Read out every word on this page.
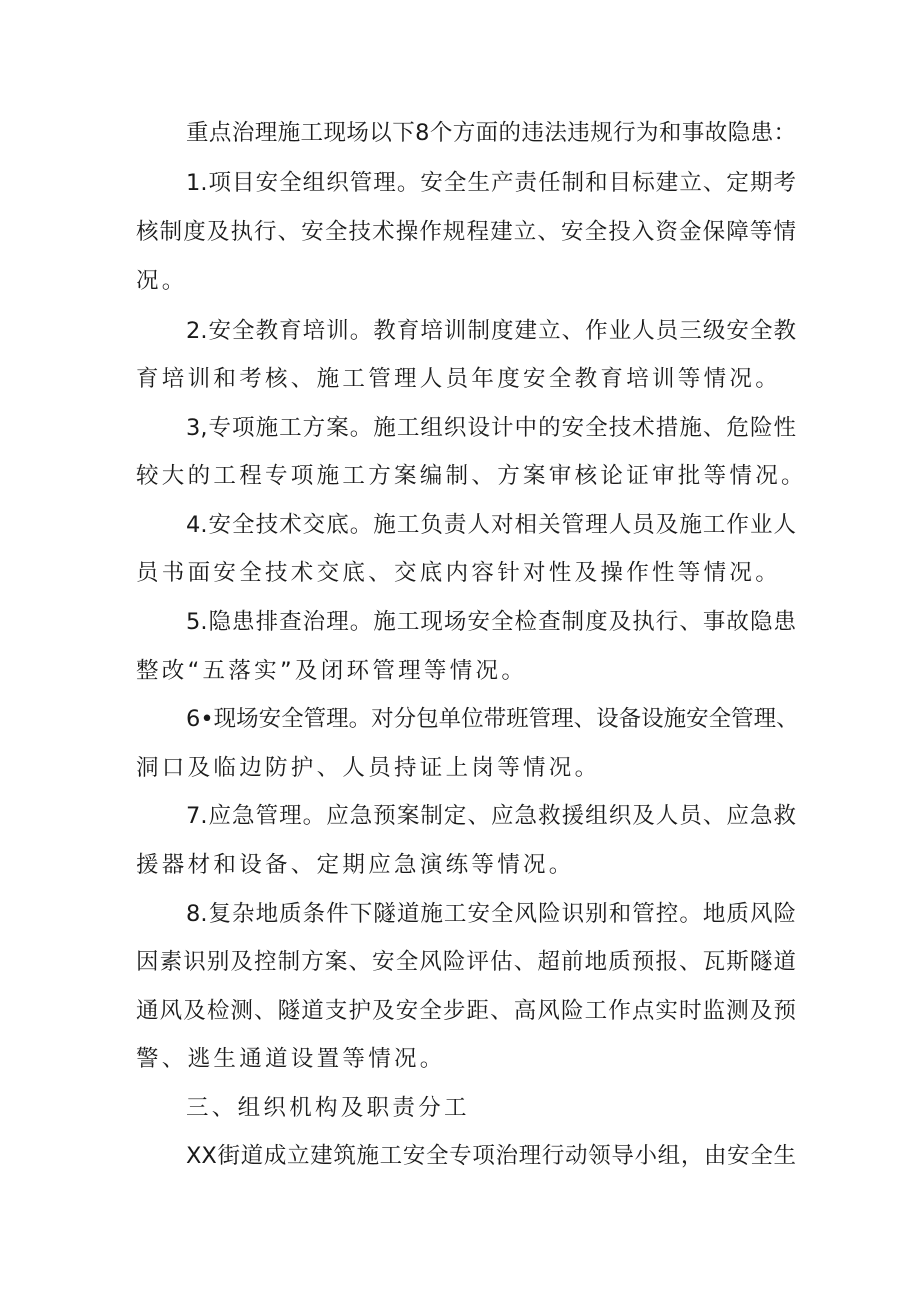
重点治理施工现场以下8个方面的违法违规行为和事故隐患：
1.项目安全组织管理。安全生产责任制和目标建立、定期考
核制度及执行、安全技术操作规程建立、安全投入资金保障等情
况。
2.安全教育培训。教育培训制度建立、作业人员三级安全教
育培训和考核、施工管理人员年度安全教育培训等情况。
3,专项施工方案。施工组织设计中的安全技术措施、危险性
较大的工程专项施工方案编制、方案审核论证审批等情况。
4.安全技术交底。施工负责人对相关管理人员及施工作业人
员书面安全技术交底、交底内容针对性及操作性等情况。
5.隐患排查治理。施工现场安全检查制度及执行、事故隐患
整改“五落实”及闭环管理等情况。
6•现场安全管理。对分包单位带班管理、设备设施安全管理、
洞口及临边防护、人员持证上岗等情况。
7.应急管理。应急预案制定、应急救援组织及人员、应急救
援器材和设备、定期应急演练等情况。
8.复杂地质条件下隧道施工安全风险识别和管控。地质风险
因素识别及控制方案、安全风险评估、超前地质预报、瓦斯隧道
通风及检测、隧道支护及安全步距、高风险工作点实时监测及预
警、逃生通道设置等情况。
三、组织机构及职责分工
XX街道成立建筑施工安全专项治理行动领导小组，由安全生
